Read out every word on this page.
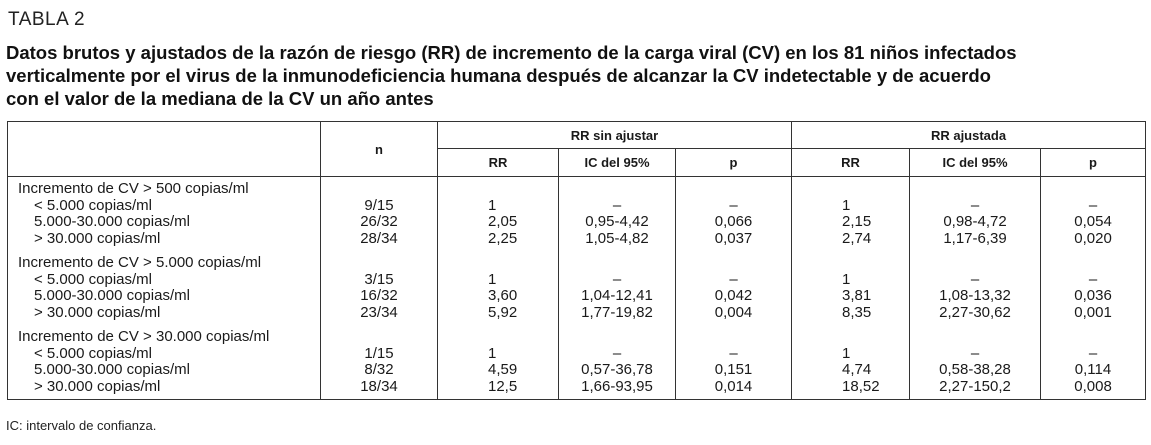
TABLA 2
Datos brutos y ajustados de la razón de riesgo (RR) de incremento de la carga viral (CV) en los 81 niños infectados
verticalmente por el virus de la inmunodeficiencia humana después de alcanzar la CV indetectable y de acuerdo
con el valor de la mediana de la CV un año antes
	n	RR sin ajustar			RR ajustada		
		RR	IC del 95%	p	RR	IC del 95%	p

Incremento de CV > 500 copias/ml							
< 5.000 copias/ml	9/15	1	–	–	1	–	–
5.000-30.000 copias/ml	26/32	2,05	0,95-4,42	0,066	2,15	0,98-4,72	0,054
> 30.000 copias/ml	28/34	2,25	1,05-4,82	0,037	2,74	1,17-6,39	0,020

Incremento de CV > 5.000 copias/ml							
< 5.000 copias/ml	3/15	1	–	–	1	–	–
5.000-30.000 copias/ml	16/32	3,60	1,04-12,41	0,042	3,81	1,08-13,32	0,036
> 30.000 copias/ml	23/34	5,92	1,77-19,82	0,004	8,35	2,27-30,62	0,001

Incremento de CV > 30.000 copias/ml							
< 5.000 copias/ml	1/15	1	–	–	1	–	–
5.000-30.000 copias/ml	8/32	4,59	0,57-36,78	0,151	4,74	0,58-38,28	0,114
> 30.000 copias/ml	18/34	12,5	1,66-93,95	0,014	18,52	2,27-150,2	0,008
IC: intervalo de confianza.
